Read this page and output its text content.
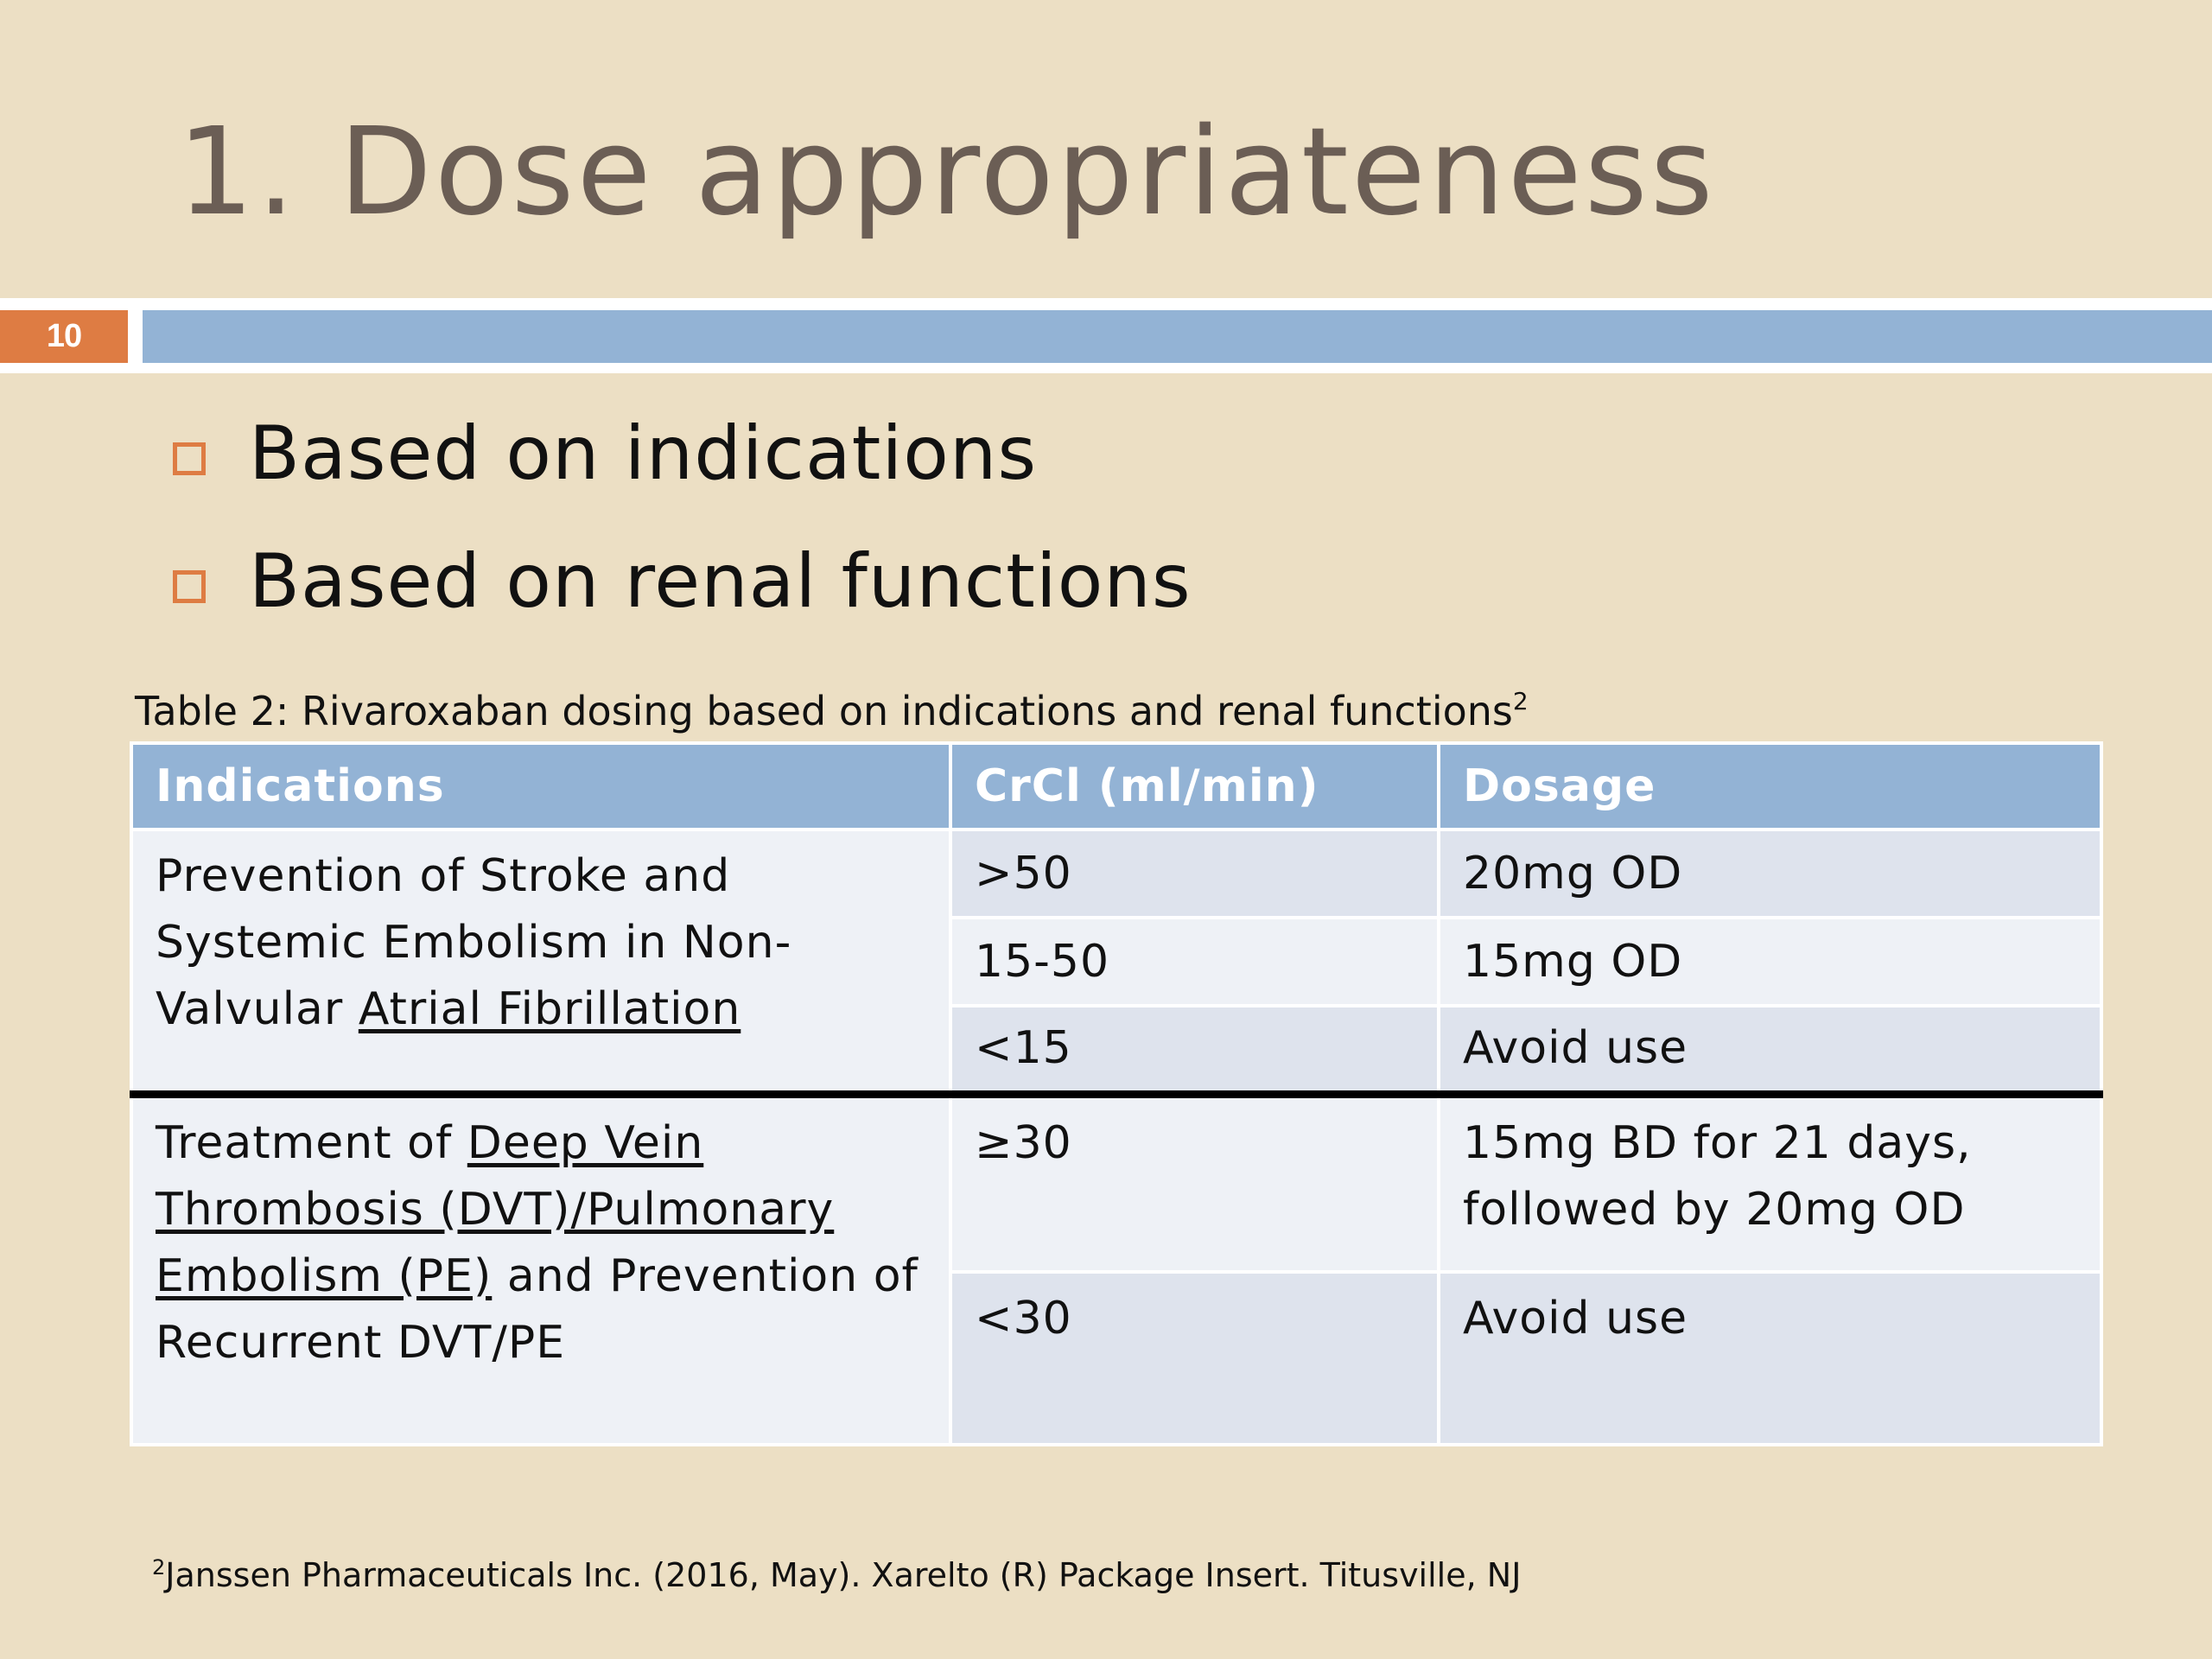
1. Dose appropriateness
10
Based on indications
Based on renal functions
Table 2: Rivaroxaban dosing based on indications and renal functions$^2$
Indications	CrCl (ml/min)	Dosage
Prevention of Stroke and Systemic Embolism in Non-Valvular Atrial Fibrillation	>50	20mg OD
	15-50	15mg OD
	<15	Avoid use
Treatment of Deep Vein Thrombosis (DVT)/Pulmonary Embolism (PE) and Prevention of Recurrent DVT/PE	≥30	15mg BD for 21 days, followed by 20mg OD
	<30	Avoid use
$^2$Janssen Pharmaceuticals Inc. (2016, May). Xarelto (R) Package Insert. Titusville, NJ
